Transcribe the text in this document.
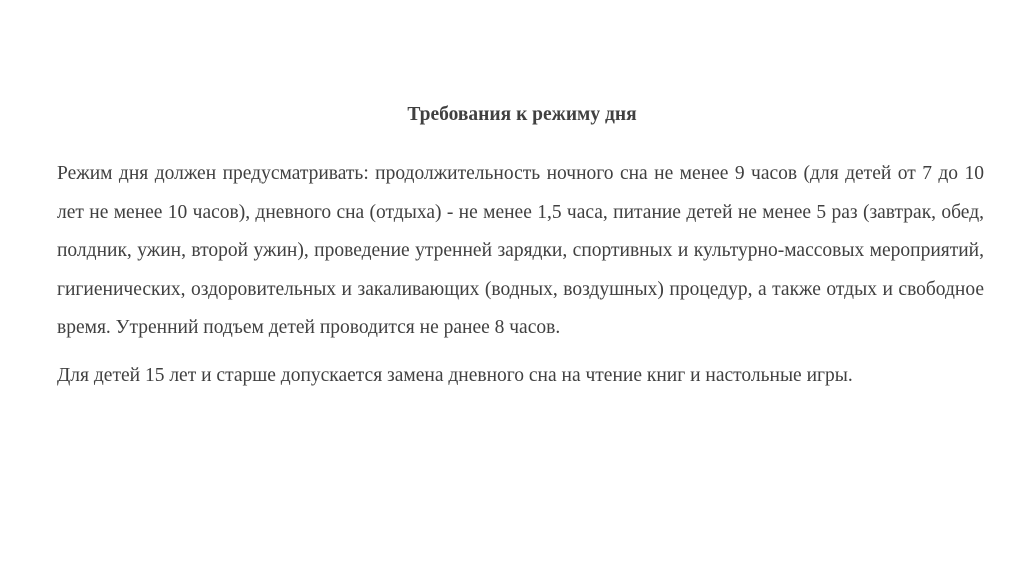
Требования к режиму дня

Режим дня должен предусматривать: продолжительность ночного сна не менее 9 часов (для детей от 7 до 10 лет не менее 10 часов), дневного сна (отдыха) - не менее 1,5 часа, питание детей не менее 5 раз (завтрак, обед, полдник, ужин, второй ужин), проведение утренней зарядки, спортивных и культурно-массовых мероприятий, гигиенических, оздоровительных и закаливающих (водных, воздушных) процедур, а также отдых и свободное время. Утренний подъем детей проводится не ранее 8 часов.

Для детей 15 лет и старше допускается замена дневного сна на чтение книг и настольные игры.
